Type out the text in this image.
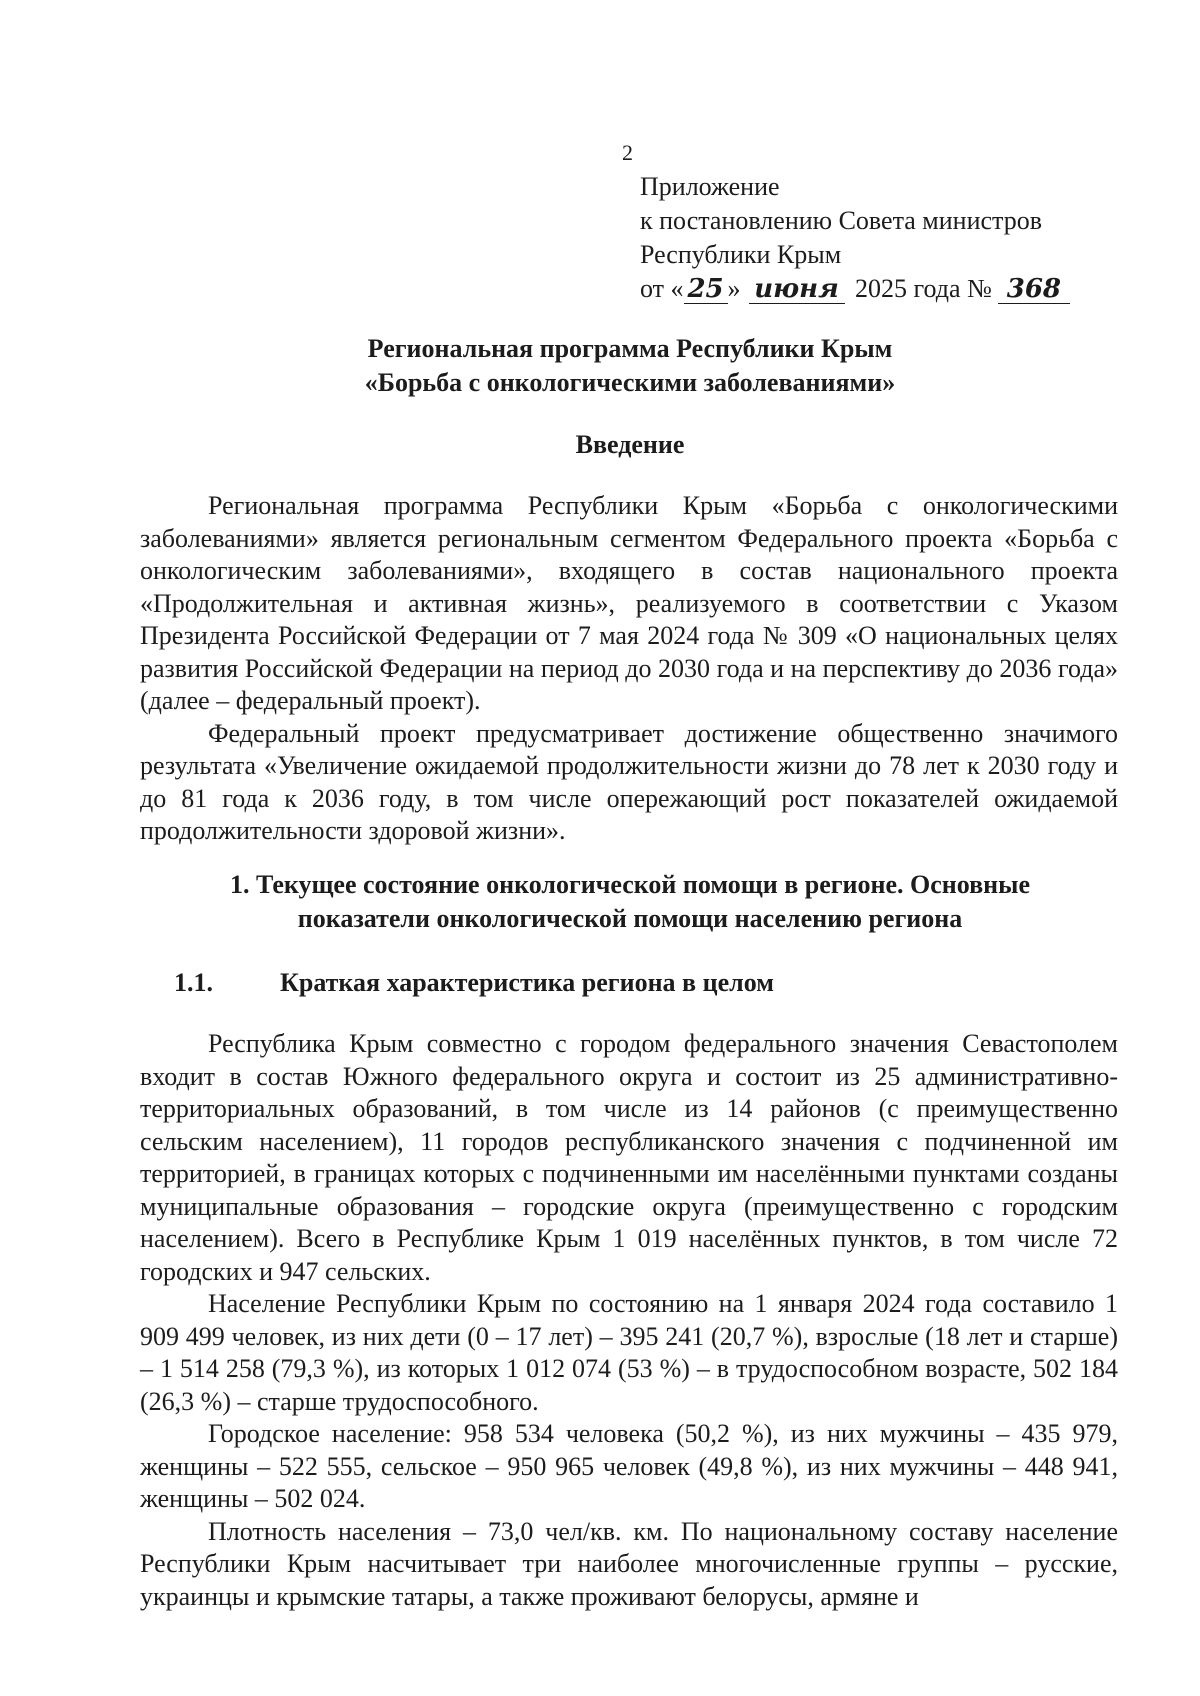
2
Приложение
к постановлению Совета министров
Республики Крым
от « 25 » июня 2025 года № 368
Региональная программа Республики Крым
«Борьба с онкологическими заболеваниями»
Введение

Региональная программа Республики Крым «Борьба с онкологическими заболеваниями» является региональным сегментом Федерального проекта «Борьба с онкологическим заболеваниями», входящего в состав национального проекта «Продолжительная и активная жизнь», реализуемого в соответствии с Указом Президента Российской Федерации от 7 мая 2024 года № 309 «О национальных целях развития Российской Федерации на период до 2030 года и на перспективу до 2036 года» (далее – федеральный проект).

Федеральный проект предусматривает достижение общественно значимого результата «Увеличение ожидаемой продолжительности жизни до 78 лет к 2030 году и до 81 года к 2036 году, в том числе опережающий рост показателей ожидаемой продолжительности здоровой жизни».

1. Текущее состояние онкологической помощи в регионе. Основные
показатели онкологической помощи населению региона
1.1.	Краткая характеристика региона в целом

Республика Крым совместно с городом федерального значения Севастополем входит в состав Южного федерального округа и состоит из 25 административно-территориальных образований, в том числе из 14 районов (с преимущественно сельским населением), 11 городов республиканского значения с подчиненной им территорией, в границах которых с подчиненными им населёнными пунктами созданы муниципальные образования – городские округа (преимущественно с городским населением). Всего в Республике Крым 1 019 населённых пунктов, в том числе 72 городских и 947 сельских.

Население Республики Крым по состоянию на 1 января 2024 года составило 1 909 499 человек, из них дети (0 – 17 лет) – 395 241 (20,7 %), взрослые (18 лет и старше) – 1 514 258 (79,3 %), из которых 1 012 074 (53 %) – в трудоспособном возрасте, 502 184 (26,3 %) – старше трудоспособного.

Городское население: 958 534 человека (50,2 %), из них мужчины – 435 979, женщины – 522 555, сельское – 950 965 человек (49,8 %), из них мужчины – 448 941, женщины – 502 024.

Плотность населения – 73,0 чел/кв. км. По национальному составу население Республики Крым насчитывает три наиболее многочисленные группы – русские, украинцы и крымские татары, а также проживают белорусы, армяне и
